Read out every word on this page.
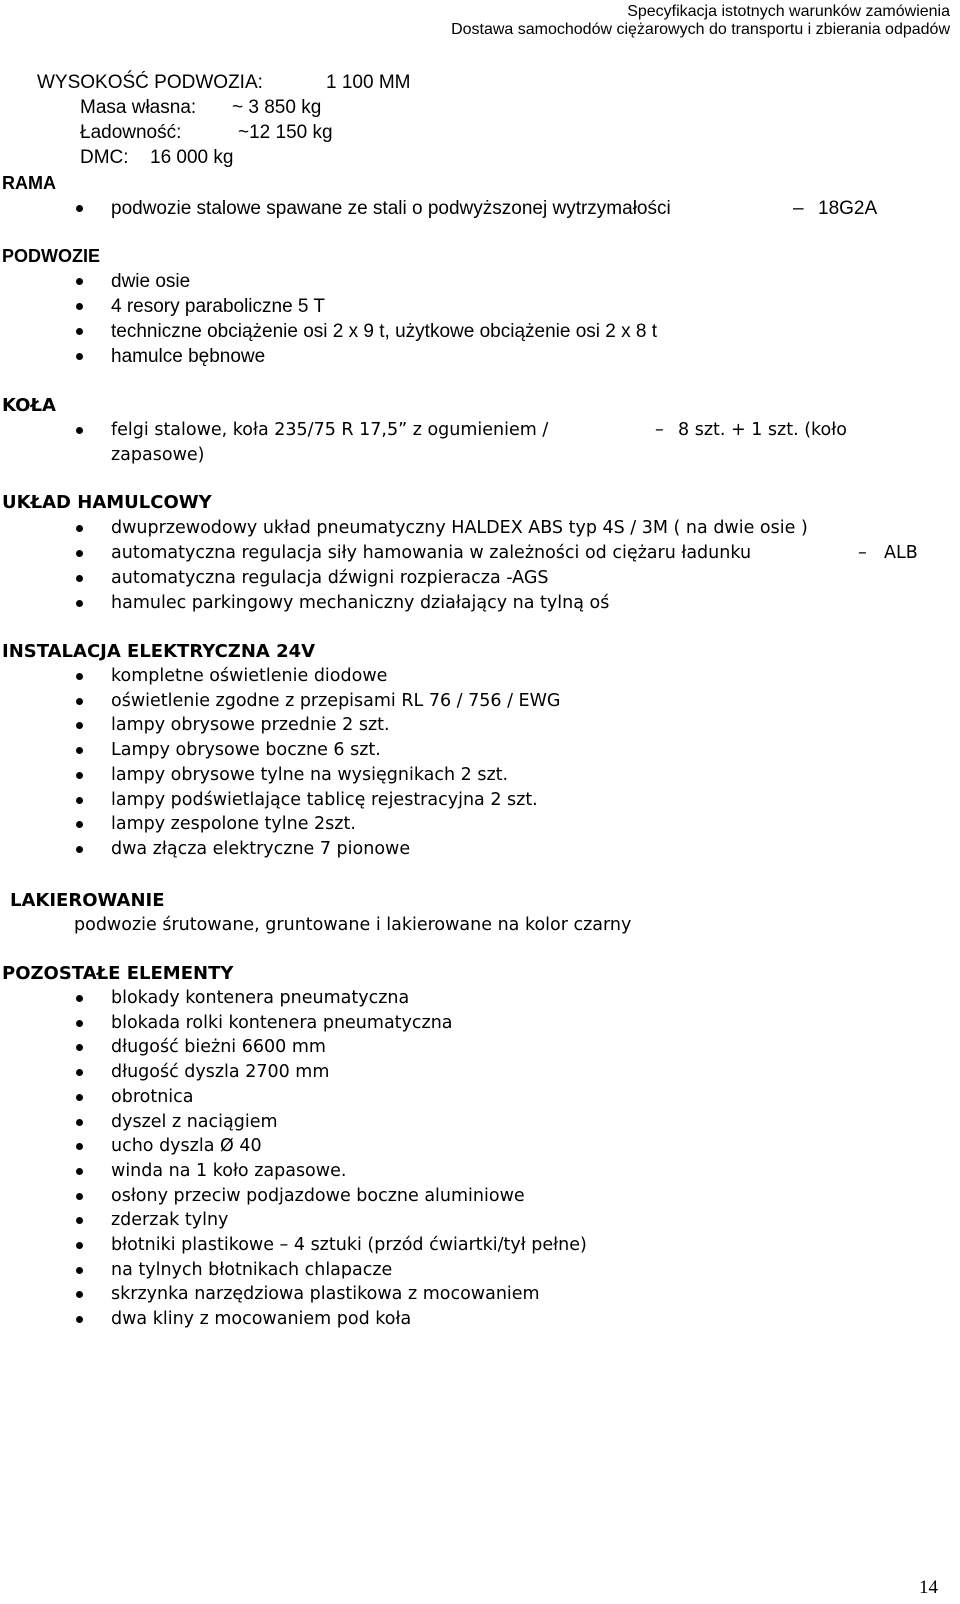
Specyfikacja istotnych warunków zamówienia
Dostawa samochodów ciężarowych do transportu i zbierania odpadów
WYSOKOŚĆ PODWOZIA:	1 100 MM
Masa własna: ~ 3 850 kg
Ładowność:	~12 150 kg
DMC: 16 000 kg
RAMA
podwozie stalowe spawane ze stali o podwyższonej wytrzymałości	– 18G2A
PODWOZIE
dwie osie
4 resory paraboliczne 5 T
techniczne obciążenie osi 2 x 9 t, użytkowe obciążenie osi 2 x 8 t
hamulce bębnowe
KOŁA
felgi stalowe, koła 235/75 R 17,5” z ogumieniem /	– 8 szt. + 1 szt. (koło
zapasowe)
UKŁAD HAMULCOWY
dwuprzewodowy układ pneumatyczny HALDEX ABS typ 4S / 3M ( na dwie osie )
automatyczna regulacja siły hamowania w zależności od ciężaru ładunku	– ALB
automatyczna regulacja dźwigni rozpieracza -AGS
hamulec parkingowy mechaniczny działający na tylną oś
INSTALACJA ELEKTRYCZNA 24V
kompletne oświetlenie diodowe
oświetlenie zgodne z przepisami RL 76 / 756 / EWG
lampy obrysowe przednie 2 szt.
Lampy obrysowe boczne 6 szt.
lampy obrysowe tylne na wysięgnikach 2 szt.
lampy podświetlające tablicę rejestracyjna 2 szt.
lampy zespolone tylne 2szt.
dwa złącza elektryczne 7 pionowe
LAKIEROWANIE
podwozie śrutowane, gruntowane i lakierowane na kolor czarny
POZOSTAŁE ELEMENTY
blokady kontenera pneumatyczna
blokada rolki kontenera pneumatyczna
długość bieżni 6600 mm
długość dyszla 2700 mm
obrotnica
dyszel z naciągiem
ucho dyszla Ø 40
winda na 1 koło zapasowe.
osłony przeciw podjazdowe boczne aluminiowe
zderzak tylny
błotniki plastikowe – 4 sztuki (przód ćwiartki/tył pełne)
na tylnych błotnikach chlapacze
skrzynka narzędziowa plastikowa z mocowaniem
dwa kliny z mocowaniem pod koła
14
